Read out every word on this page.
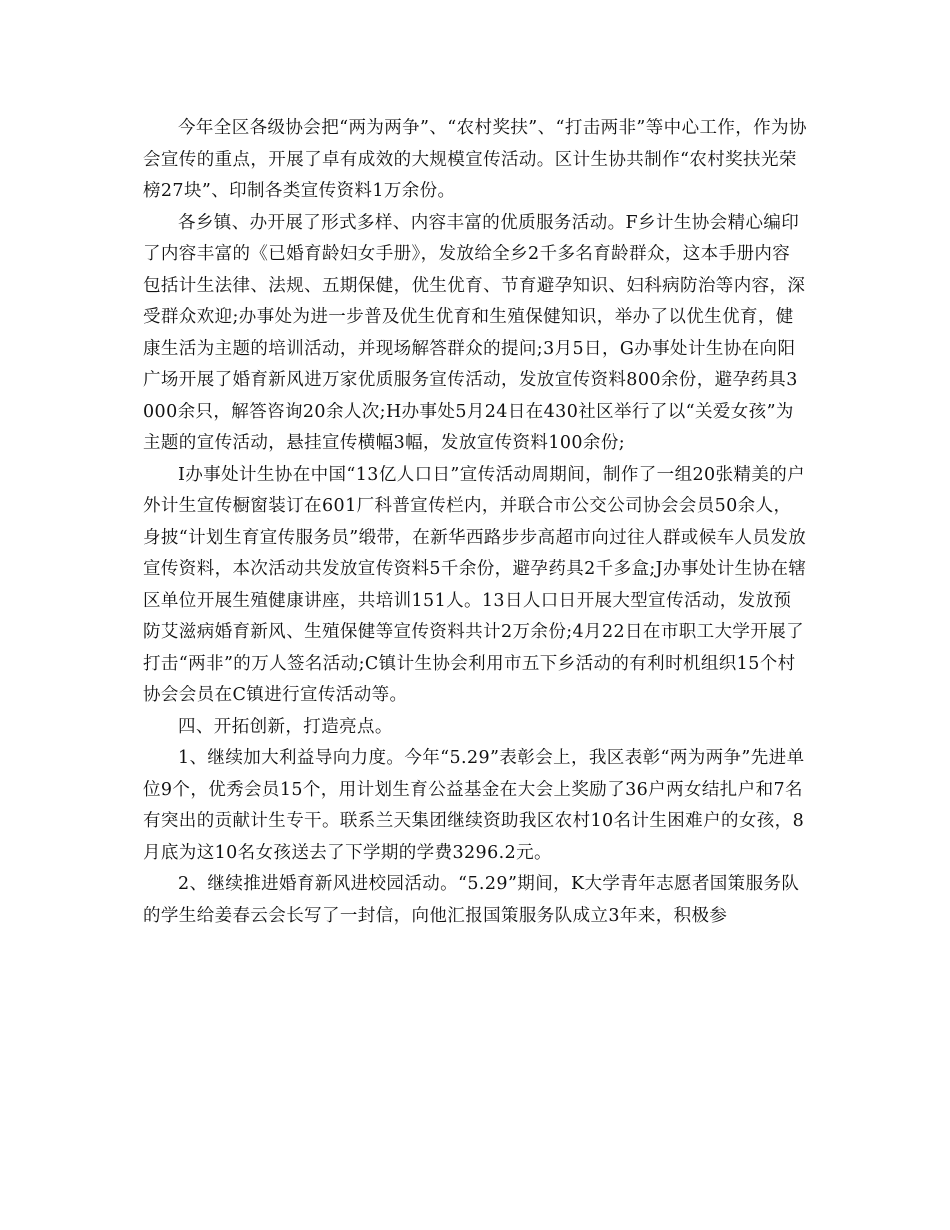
今年全区各级协会把“两为两争”、“农村奖扶”、“打击两非”等中心工作，作为协会宣传的重点，开展了卓有成效的大规模宣传活动。区计生协共制作“农村奖扶光荣榜27块”、印制各类宣传资料1万余份。

各乡镇、办开展了形式多样、内容丰富的优质服务活动。F乡计生协会精心编印了内容丰富的《已婚育龄妇女手册》，发放给全乡2千多名育龄群众，这本手册内容包括计生法律、法规、五期保健，优生优育、节育避孕知识、妇科病防治等内容，深受群众欢迎;办事处为进一步普及优生优育和生殖保健知识，举办了以优生优育，健康生活为主题的培训活动，并现场解答群众的提问;3月5日，G办事处计生协在向阳广场开展了婚育新风进万家优质服务宣传活动，发放宣传资料800余份，避孕药具3000余只，解答咨询20余人次;H办事处5月24日在430社区举行了以“关爱女孩”为主题的宣传活动，悬挂宣传横幅3幅，发放宣传资料100余份;

I办事处计生协在中国“13亿人口日”宣传活动周期间，制作了一组20张精美的户外计生宣传橱窗装订在601厂科普宣传栏内，并联合市公交公司协会会员50余人，身披“计划生育宣传服务员”缎带，在新华西路步步高超市向过往人群或候车人员发放宣传资料，本次活动共发放宣传资料5千余份，避孕药具2千多盒;J办事处计生协在辖区单位开展生殖健康讲座，共培训151人。13日人口日开展大型宣传活动，发放预防艾滋病婚育新风、生殖保健等宣传资料共计2万余份;4月22日在市职工大学开展了打击“两非”的万人签名活动;C镇计生协会利用市五下乡活动的有利时机组织15个村协会会员在C镇进行宣传活动等。

四、开拓创新，打造亮点。

1、继续加大利益导向力度。今年“5.29”表彰会上，我区表彰“两为两争”先进单位9个，优秀会员15个，用计划生育公益基金在大会上奖励了36户两女结扎户和7名有突出的贡献计生专干。联系兰天集团继续资助我区农村10名计生困难户的女孩，8月底为这10名女孩送去了下学期的学费3296.2元。

2、继续推进婚育新风进校园活动。“5.29”期间，K大学青年志愿者国策服务队的学生给姜春云会长写了一封信，向他汇报国策服务队成立3年来，积极参
